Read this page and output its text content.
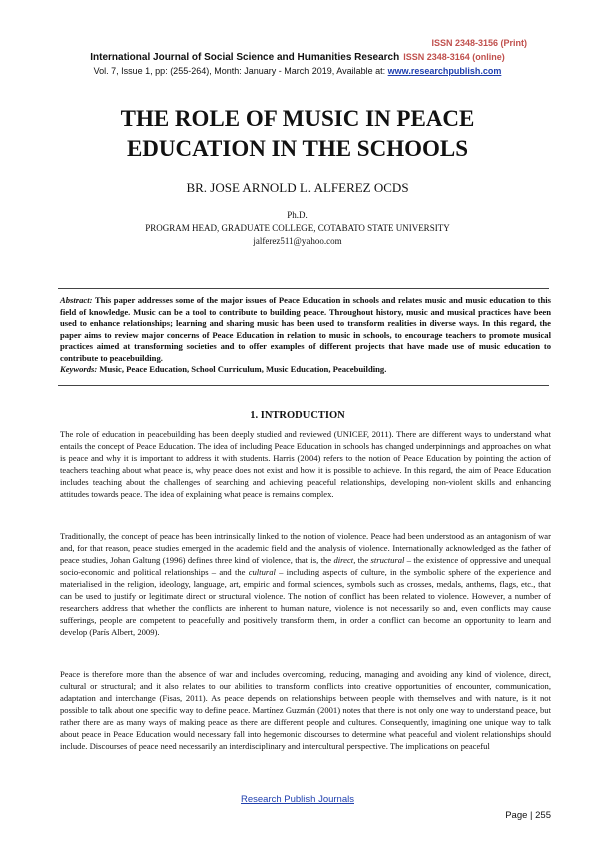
ISSN 2348-3156 (Print)
International Journal of Social Science and Humanities Research ISSN 2348-3164 (online)
Vol. 7, Issue 1, pp: (255-264), Month: January - March 2019, Available at: www.researchpublish.com
THE ROLE OF MUSIC IN PEACE EDUCATION IN THE SCHOOLS
BR. JOSE ARNOLD L. ALFEREZ OCDS
Ph.D.
PROGRAM HEAD, GRADUATE COLLEGE, COTABATO STATE UNIVERSITY
jalferez511@yahoo.com
Abstract: This paper addresses some of the major issues of Peace Education in schools and relates music and music education to this field of knowledge. Music can be a tool to contribute to building peace. Throughout history, music and musical practices have been used to enhance relationships; learning and sharing music has been used to transform realities in diverse ways. In this regard, the paper aims to review major concerns of Peace Education in relation to music in schools, to encourage teachers to promote musical practices aimed at transforming societies and to offer examples of different projects that have made use of music education to contribute to peacebuilding.
Keywords: Music, Peace Education, School Curriculum, Music Education, Peacebuilding.
1. INTRODUCTION

The role of education in peacebuilding has been deeply studied and reviewed (UNICEF, 2011). There are different ways to understand what entails the concept of Peace Education. The idea of including Peace Education in schools has changed underpinnings and approaches on what is peace and why it is important to address it with students. Harris (2004) refers to the notion of Peace Education by pointing the action of teachers teaching about what peace is, why peace does not exist and how it is possible to achieve. In this regard, the aim of Peace Education includes teaching about the challenges of searching and achieving peaceful relationships, developing non-violent skills and enhancing attitudes towards peace. The idea of explaining what peace is remains complex.

Traditionally, the concept of peace has been intrinsically linked to the notion of violence. Peace had been understood as an antagonism of war and, for that reason, peace studies emerged in the academic field and the analysis of violence. Internationally acknowledged as the father of peace studies, Johan Galtung (1996) defines three kind of violence, that is, the direct, the structural – the existence of oppressive and unequal socio-economic and political relationships – and the cultural – including aspects of culture, in the symbolic sphere of the experience and materialised in the religion, ideology, language, art, empiric and formal sciences, symbols such as crosses, medals, anthems, flags, etc., that can be used to justify or legitimate direct or structural violence. The notion of conflict has been related to violence. However, a number of researchers address that whether the conflicts are inherent to human nature, violence is not necessarily so and, even conflicts may cause sufferings, people are competent to peacefully and positively transform them, in order a conflict can become an opportunity to learn and develop (París Albert, 2009).

Peace is therefore more than the absence of war and includes overcoming, reducing, managing and avoiding any kind of violence, direct, cultural or structural; and it also relates to our abilities to transform conflicts into creative opportunities of encounter, communication, adaptation and interchange (Fisas, 2011). As peace depends on relationships between people with themselves and with nature, is it not possible to talk about one specific way to define peace. Martínez Guzmán (2001) notes that there is not only one way to understand peace, but rather there are as many ways of making peace as there are different people and cultures. Consequently, imagining one unique way to talk about peace in Peace Education would necessary fall into hegemonic discourses to determine what peaceful and violent relationships should include. Discourses of peace need necessarily an interdisciplinary and intercultural perspective. The implications on peaceful

Research Publish Journals
Page | 255
